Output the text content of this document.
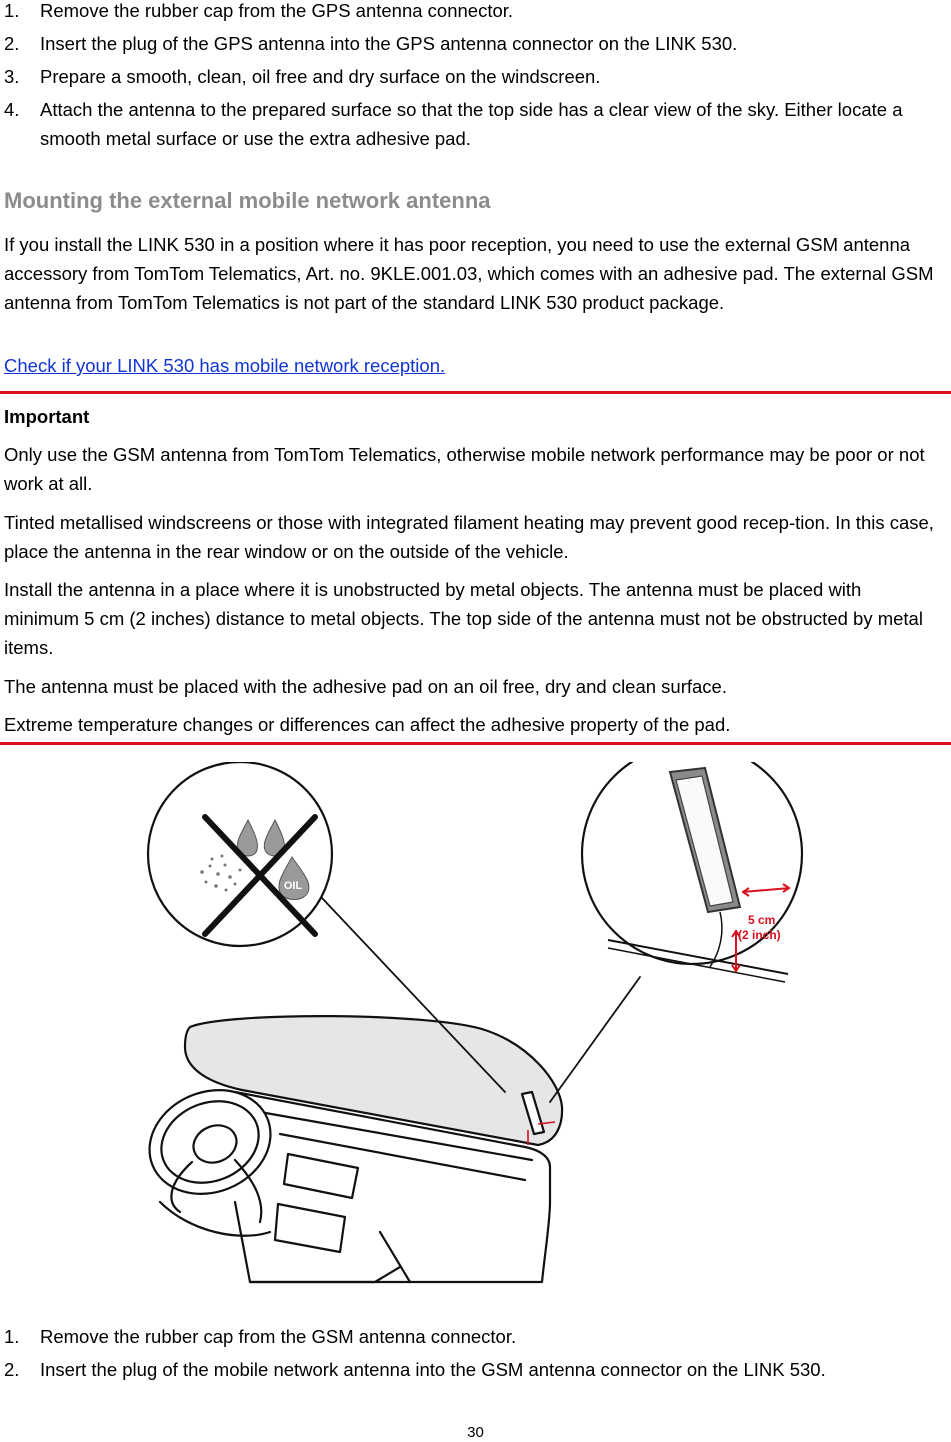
1. Remove the rubber cap from the GPS antenna connector.
2. Insert the plug of the GPS antenna into the GPS antenna connector on the LINK 530.
3. Prepare a smooth, clean, oil free and dry surface on the windscreen.
4. Attach the antenna to the prepared surface so that the top side has a clear view of the sky. Either locate a smooth metal surface or use the extra adhesive pad.
Mounting the external mobile network antenna

If you install the LINK 530 in a position where it has poor reception, you need to use the external GSM antenna accessory from TomTom Telematics, Art. no. 9KLE.001.03, which comes with an adhesive pad. The external GSM antenna from TomTom Telematics is not part of the standard LINK 530 product package.

Check if your LINK 530 has mobile network reception.

Important

Only use the GSM antenna from TomTom Telematics, otherwise mobile network performance may be poor or not work at all.

Tinted metallised windscreens or those with integrated filament heating may prevent good recep-tion. In this case, place the antenna in the rear window or on the outside of the vehicle.

Install the antenna in a place where it is unobstructed by metal objects. The antenna must be placed with minimum 5 cm (2 inches) distance to metal objects. The top side of the antenna must not be obstructed by metal items.

The antenna must be placed with the adhesive pad on an oil free, dry and clean surface.

Extreme temperature changes or differences can affect the adhesive property of the pad.

OIL
5 cm
(2 inch)
1. Remove the rubber cap from the GSM antenna connector.
2. Insert the plug of the mobile network antenna into the GSM antenna connector on the LINK 530.
30
